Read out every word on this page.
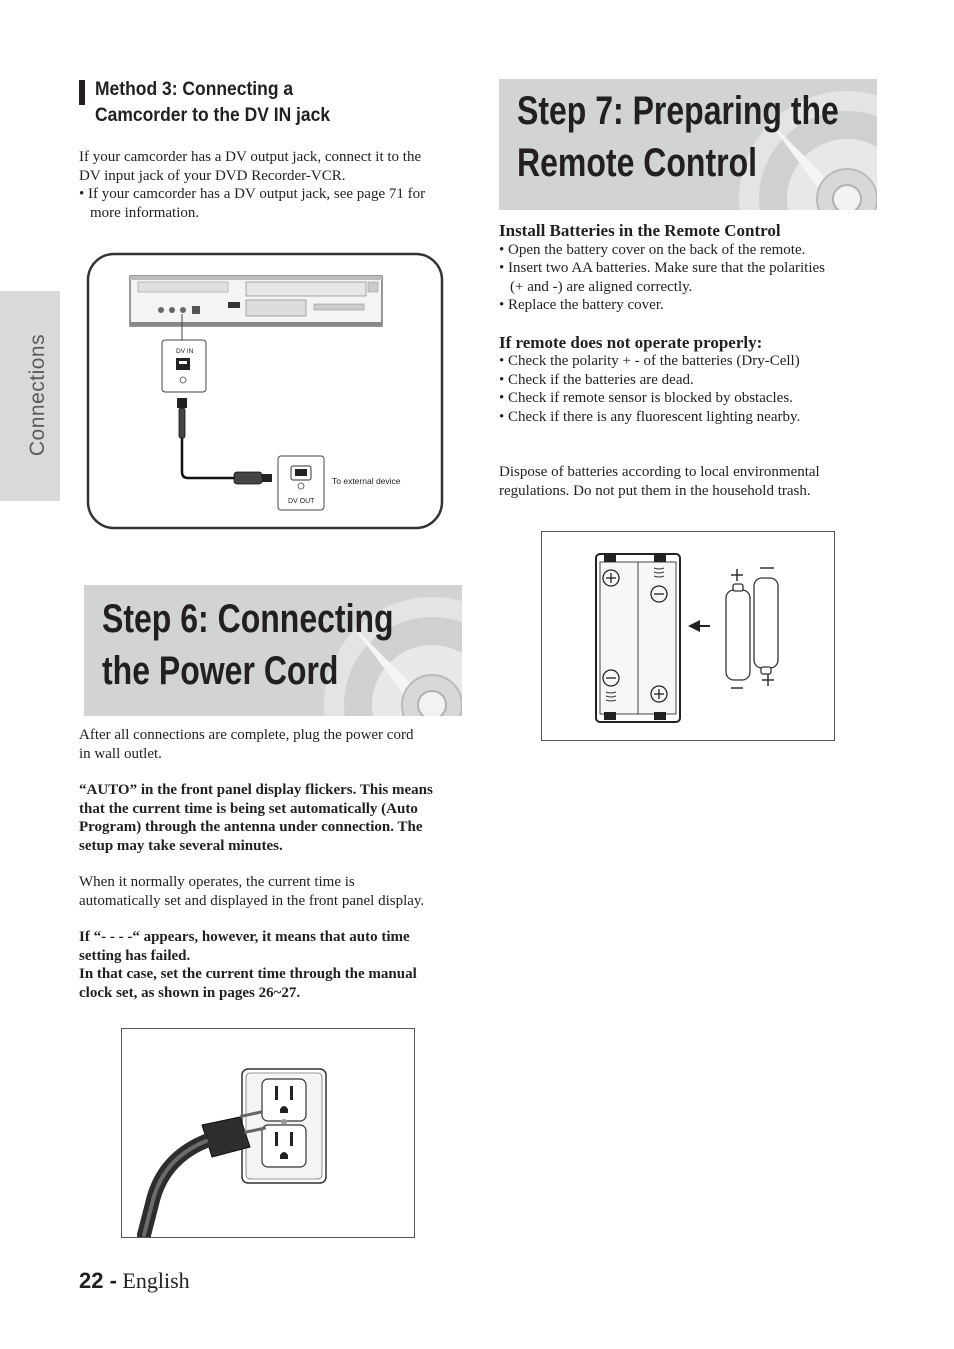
Connections
Method 3: Connecting a
Camcorder to the DV IN jack

If your camcorder has a DV output jack, connect it to the

DV input jack of your DVD Recorder-VCR.

• If your camcorder has a DV output jack, see page 71 for

more information.

DV IN
DV OUT
To external device
Step 6: Connecting
the Power Cord

After all connections are complete, plug the power cord

in wall outlet.

“AUTO” in the front panel display flickers. This means

that the current time is being set automatically (Auto

Program) through the antenna under connection. The

setup may take several minutes.

When it normally operates, the current time is

automatically set and displayed in the front panel display.

If “- - - -“ appears, however, it means that auto time

setting has failed.

In that case, set the current time through the manual

clock set, as shown in pages 26~27.

Step 7: Preparing the
Remote Control
Install Batteries in the Remote Control

• Open the battery cover on the back of the remote.

• Insert two AA batteries. Make sure that the polarities

(+ and -) are aligned correctly.

• Replace the battery cover.

If remote does not operate properly:

• Check the polarity + - of the batteries (Dry-Cell)

• Check if the batteries are dead.

• Check if remote sensor is blocked by obstacles.

• Check if there is any fluorescent lighting nearby.

Dispose of batteries according to local environmental

regulations. Do not put them in the household trash.

22 - English
